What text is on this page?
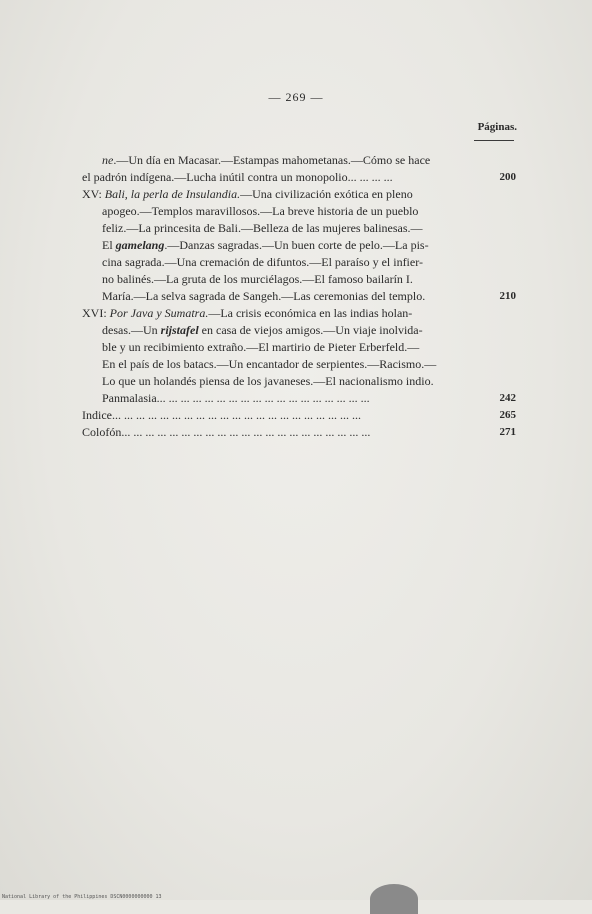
— 269 —
Páginas.
ne.—Un día en Macasar.—Estampas mahometanas.—Cómo se hace
el padrón indígena.—Lucha inútil contra un monopolio... ... ... ...	200
XV: Bali, la perla de Insulandia.—Una civilización exótica en pleno
apogeo.—Templos maravillosos.—La breve historia de un pueblo
feliz.—La princesita de Bali.—Belleza de las mujeres balinesas.—
El gamelang.—Danzas sagradas.—Un buen corte de pelo.—La pis-
cina sagrada.—Una cremación de difuntos.—El paraíso y el infier-
no balinés.—La gruta de los murciélagos.—El famoso bailarín I.
María.—La selva sagrada de Sangeh.—Las ceremonias del templo.	210
XVI: Por Java y Sumatra.—La crisis económica en las indias holan-
desas.—Un rijstafel en casa de viejos amigos.—Un viaje inolvida-
ble y un recibimiento extraño.—El martirio de Pieter Erberfeld.—
En el país de los batacs.—Un encantador de serpientes.—Racismo.—
Lo que un holandés piensa de los javaneses.—El nacionalismo indio.
Panmalasia... ... ... ... ... ... ... ... ... ... ... ... ... ... ... ... ... ...	242
Indice... ... ... ... ... ... ... ... ... ... ... ... ... ... ... ... ... ... ... ... ...	265
Colofón... ... ... ... ... ... ... ... ... ... ... ... ... ... ... ... ... ... ... ... ...	271
National Library of the Philippines DSCN0000000000 13
